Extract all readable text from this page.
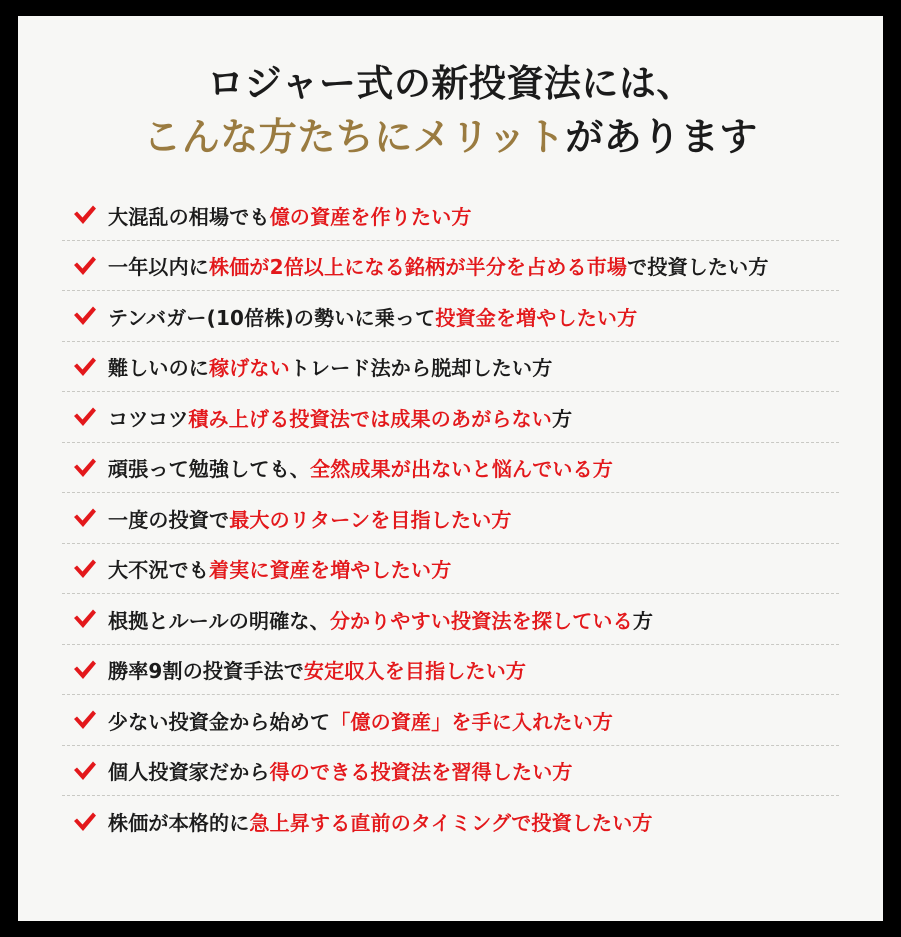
ロジャー式の新投資法には、
こんな方たちにメリットがあります
大混乱の相場でも億の資産を作りたい方
一年以内に株価が2倍以上になる銘柄が半分を占める市場で投資したい方
テンバガー(10倍株)の勢いに乗って投資金を増やしたい方
難しいのに稼げないトレード法から脱却したい方
コツコツ積み上げる投資法では成果のあがらない方
頑張って勉強しても、全然成果が出ないと悩んでいる方
一度の投資で最大のリターンを目指したい方
大不況でも着実に資産を増やしたい方
根拠とルールの明確な、分かりやすい投資法を探している方
勝率9割の投資手法で安定収入を目指したい方
少ない投資金から始めて「億の資産」を手に入れたい方
個人投資家だから得のできる投資法を習得したい方
株価が本格的に急上昇する直前のタイミングで投資したい方
